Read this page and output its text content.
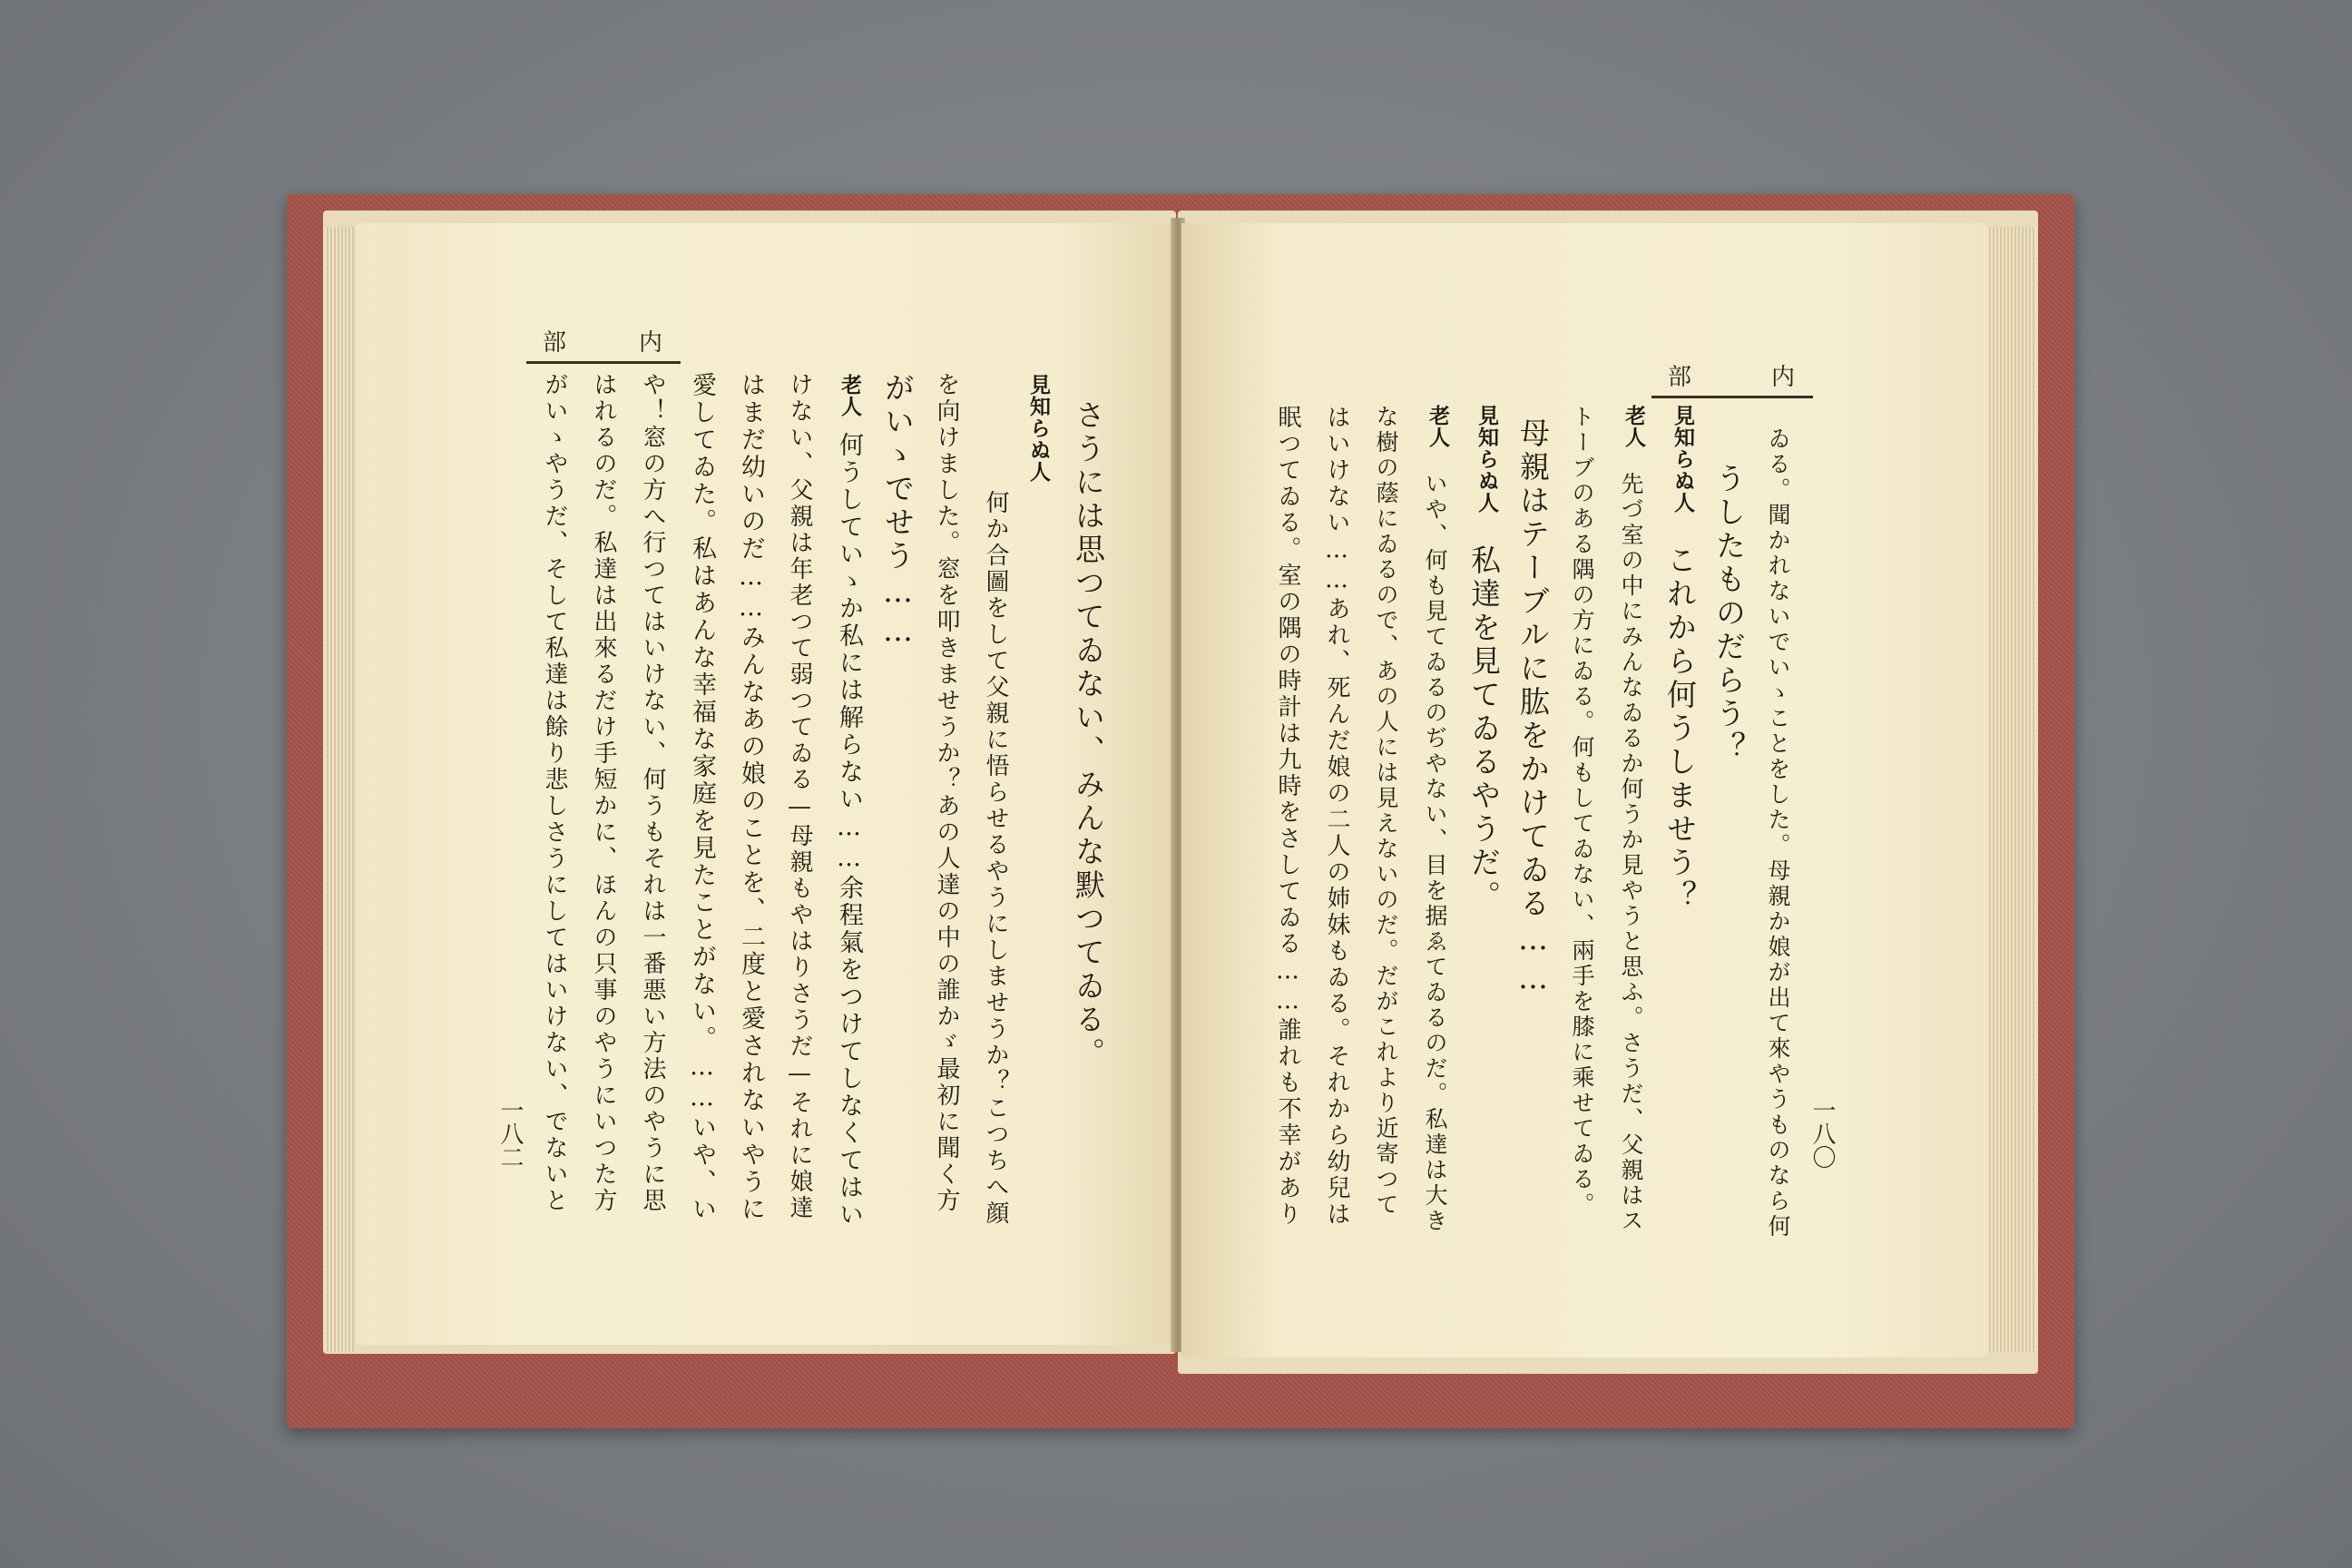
部	内
さうには思つてゐない、みんな默つてゐる。
見知らぬ人
何か合圖をして父親に悟らせるやうにしませうか？こつちへ顔
を向けました。窓を叩きませうか？あの人達の中の誰かゞ最初に聞く方
がいゝでせう……
老人
何うしていゝか私には解らない……余程氣をつけてしなくてはい
けない、父親は年老つて弱つてゐる—母親もやはりさうだ—それに娘達
はまだ幼いのだ……みんなあの娘のことを、二度と愛されないやうに
愛してゐた。私はあんな幸福な家庭を見たことがない。……いや、い
や！窓の方へ行つてはいけない、何うもそれは一番悪い方法のやうに思
はれるのだ。私達は出來るだけ手短かに、ほんの只事のやうにいつた方
がいゝやうだ、そして私達は餘り悲しさうにしてはいけない、でないと
一八二
部	内
一八〇
ゐる。聞かれないでいゝことをした。母親か娘が出て來やうものなら何
うしたものだらう？
見知らぬ人
これから何うしませう？
老人
先づ室の中にみんなゐるか何うか見やうと思ふ。さうだ、父親はス
トーブのある隅の方にゐる。何もしてゐない、兩手を膝に乘せてゐる。
母親はテーブルに肱をかけてゐる……
見知らぬ人
私達を見てゐるやうだ。
老人
いや、何も見てゐるのぢやない、目を据ゑてゐるのだ。私達は大き
な樹の蔭にゐるので、あの人には見えないのだ。だがこれより近寄つて
はいけない……あれ、死んだ娘の二人の姉妹もゐる。それから幼兒は
眠つてゐる。室の隅の時計は九時をさしてゐる……誰れも不幸があり
